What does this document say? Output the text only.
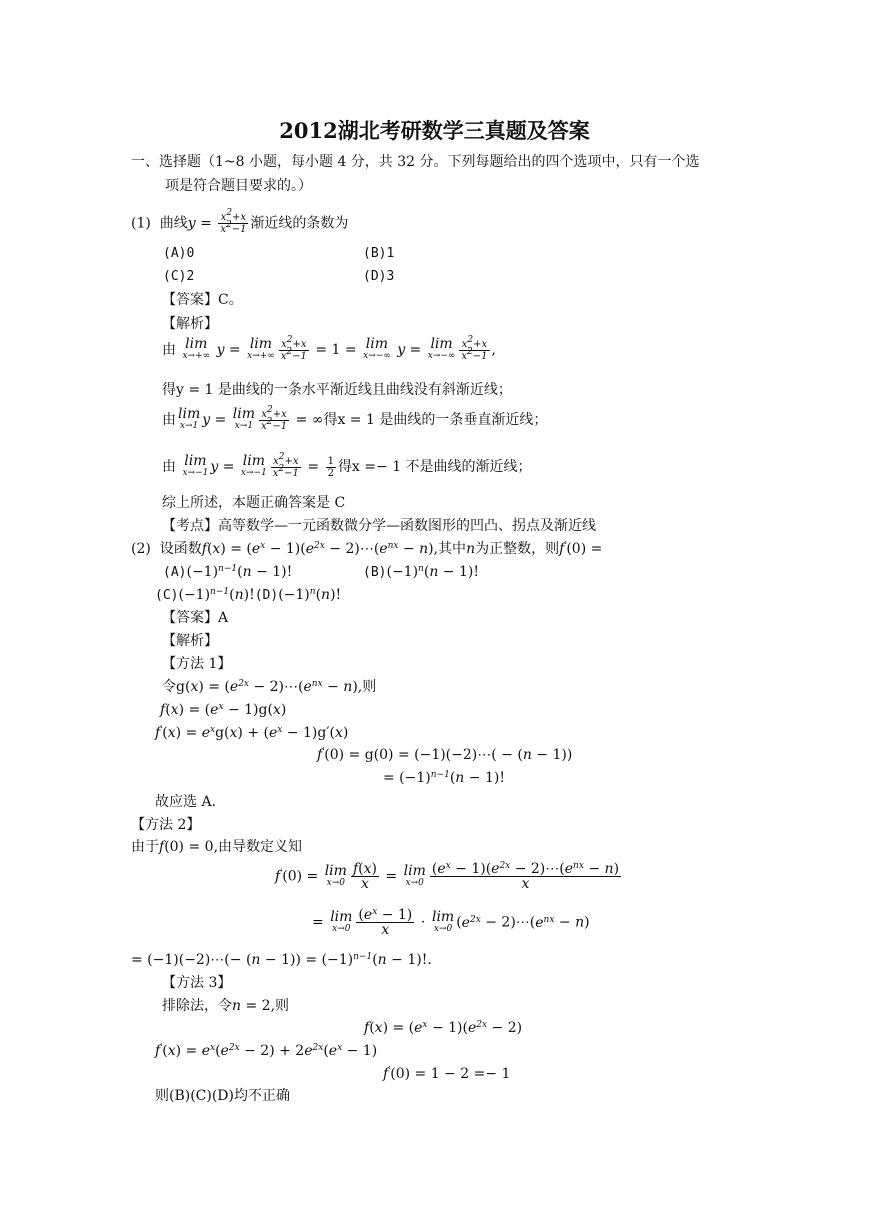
2012湖北考研数学三真题及答案
一、选择题（1~8 小题，每小题 4 分，共 32 分。下列每题给出的四个选项中，只有一个选
项是符合题目要求的。）
(1) 曲线$y = \frac{x^2+x}{x^2-1}$ 渐近线的条数为
(A)0	(B)1
(C)2	(D)3
【答案】C。
【解析】
由 lim
x→+∞ y = lim
$x\to+\infty \frac{x^2+x}{x^2-1} = 1 = \lim$
x→−∞ y = lim
$x\to-\infty \frac{x^2+x}{x^2-1}$ ,
得y = 1 是曲线的一条水平渐近线且曲线没有斜渐近线；
由 lim
x→1 y = lim
$x\to 1 \frac{x^2+x}{x^2-1}$ = ∞得x = 1 是曲线的一条垂直渐近线；
由 lim
x→−1 y = lim
$x\to-1 \frac{x^2+x}{x^2-1} = \frac{1}{2}$ 得x =− 1 不是曲线的渐近线；
综上所述，本题正确答案是 C
【考点】高等数学—一元函数微分学—函数图形的凹凸、拐点及渐近线
(2) 设函数$f(x) = (e^x - 1)(e^{2x}$ − $2)\cdots(e^{nx} - n)$,其中n为正整数，则f′(0) =
$(A)(-1)^{n-1}(n - 1)$!	$(B)(-1)^n(n - 1)$!
$(C)(-1)^{n-1}(n)!(D)(-1)^n(n)$!
【答案】A
【解析】
【方法 1】
令$g(x) = (e^{2x}$ − $2)\cdots(e^{nx} - n)$,则
$f(x) = (e^x - 1)g(x)$
$f'(x) = e^xg(x) + (e^x - 1)g'(x)$
f′(0) = g(0) = (−1)(−2)⋯( − (n − 1))
= $(-1)^{n-1}(n - 1)$!
故应选 A.
【方法 2】
由于f(0) = 0,由导数定义知
f′(0) = lim
$x\to 0 \frac{f(x)}{x} = \lim$
$x\to 0 \frac{(e^x - 1)(e^{2x} - 2)\cdots(e^{nx} - n)}{x}$
= lim
$x\to 0 \frac{(e^x - 1)}{x} \cdot \lim$
x→0 ($e^{2x}$ − $2)\cdots(e^{nx} - n)$
= (−1)(−2)⋯(− $(n - 1)) = (-1)^{n-1}(n - 1)$!.
【方法 3】
排除法，令n = 2,则
$f(x) = (e^x - 1)(e^{2x} - 2)$
$f'(x) = e^x(e^{2x} - 2) + 2e^{2x}(e^x - 1)$
f′(0) = 1 − 2 =− 1
则(B)(C)(D)均不正确
